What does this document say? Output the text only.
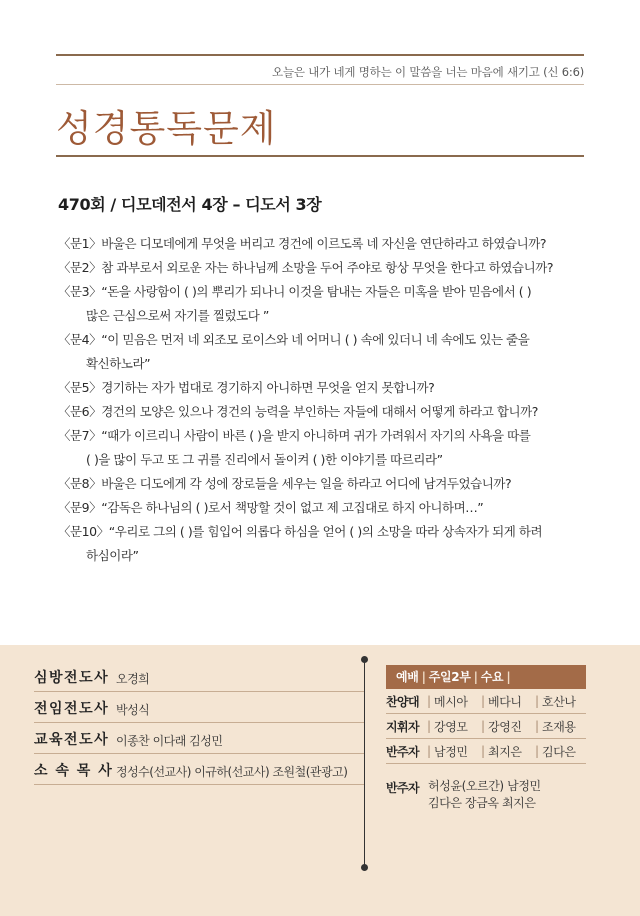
오늘은 내가 네게 명하는 이 말씀을 너는 마음에 새기고 (신 6:6)
성경통독문제
470회 / 디모데전서 4장 – 디도서 3장
〈문1〉 바울은 디모데에게 무엇을 버리고 경건에 이르도록 네 자신을 연단하라고 하였습니까?
〈문2〉 참 과부로서 외로운 자는 하나님께 소망을 두어 주야로 항상 무엇을 한다고 하였습니까?
〈문3〉 “돈을 사랑함이 ( )의 뿌리가 되나니 이것을 탐내는 자들은 미혹을 받아 믿음에서 ( )
많은 근심으로써 자기를 찔렀도다 ”
〈문4〉 “이 믿음은 먼저 네 외조모 로이스와 네 어머니 ( ) 속에 있더니 네 속에도 있는 줄을
확신하노라”
〈문5〉 경기하는 자가 법대로 경기하지 아니하면 무엇을 얻지 못합니까?
〈문6〉 경건의 모양은 있으나 경건의 능력을 부인하는 자들에 대해서 어떻게 하라고 합니까?
〈문7〉 “때가 이르리니 사람이 바른 ( )을 받지 아니하며 귀가 가려워서 자기의 사욕을 따를
( )을 많이 두고 또 그 귀를 진리에서 돌이켜 ( )한 이야기를 따르리라”
〈문8〉 바울은 디도에게 각 성에 장로들을 세우는 일을 하라고 어디에 남겨두었습니까?
〈문9〉 “감독은 하나님의 ( )로서 책망할 것이 없고 제 고집대로 하지 아니하며…”
〈문10〉 “우리로 그의 ( )를 힘입어 의롭다 하심을 얻어 ( )의 소망을 따라 상속자가 되게 하려
하심이라”
심방전도사 오경희
전임전도사 박성식
교육전도사 이종찬 이다래 김성민
소 속 목 사 정성수(선교사) 이규하(선교사) 조원철(관광고)
예배 | 주일2부 | 수요 |
찬양대 | 메시아	| 베다니	| 호산나
지휘자 | 강영모	| 강영진	| 조재용
반주자 | 남정민	| 최지은	| 김다은
반주자 허성윤(오르간) 남정민
김다은 장금옥 최지은
